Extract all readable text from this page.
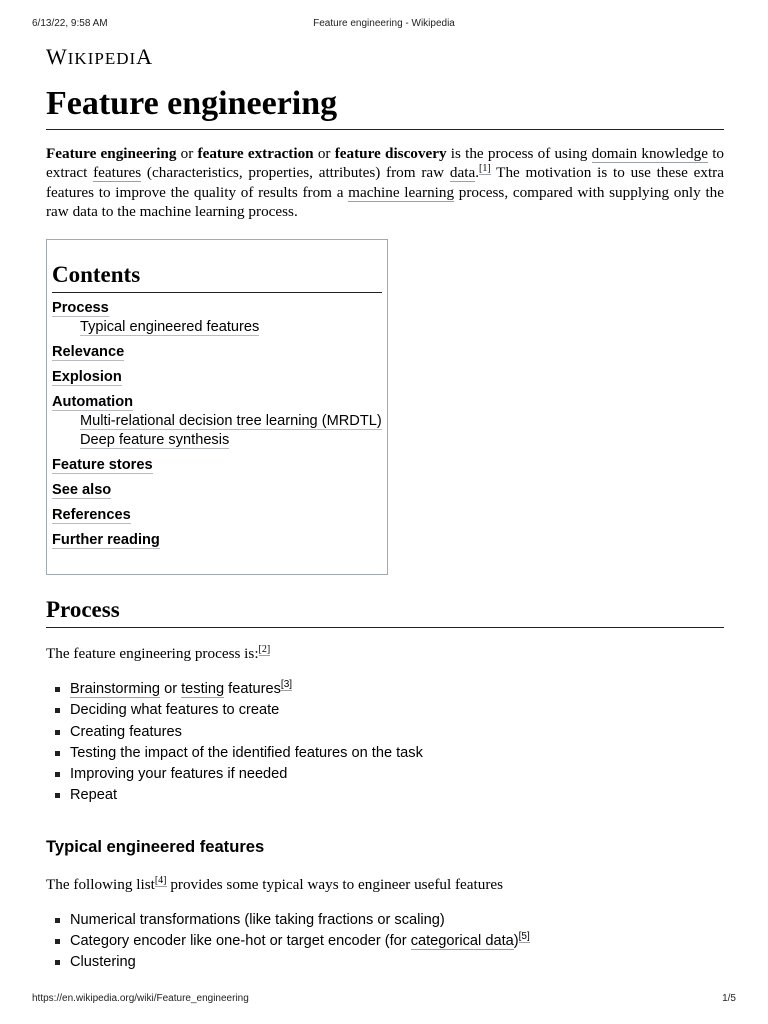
6/13/22, 9:58 AM	Feature engineering - Wikipedia
WIKIPEDIA
Feature engineering

Feature engineering or feature extraction or feature discovery is the process of using domain knowledge to extract features (characteristics, properties, attributes) from raw data.[1] The motivation is to use these extra features to improve the quality of results from a machine learning process, compared with supplying only the raw data to the machine learning process.

Contents
Process
Typical engineered features
Relevance
Explosion
Automation
Multi-relational decision tree learning (MRDTL)
Deep feature synthesis
Feature stores
See also
References
Further reading
Process

The feature engineering process is:[2]

Brainstorming or testing features[3]
Deciding what features to create
Creating features
Testing the impact of the identified features on the task
Improving your features if needed
Repeat
Typical engineered features

The following list[4] provides some typical ways to engineer useful features

Numerical transformations (like taking fractions or scaling)
Category encoder like one-hot or target encoder (for categorical data)[5]
Clustering
https://en.wikipedia.org/wiki/Feature_engineering	1/5
